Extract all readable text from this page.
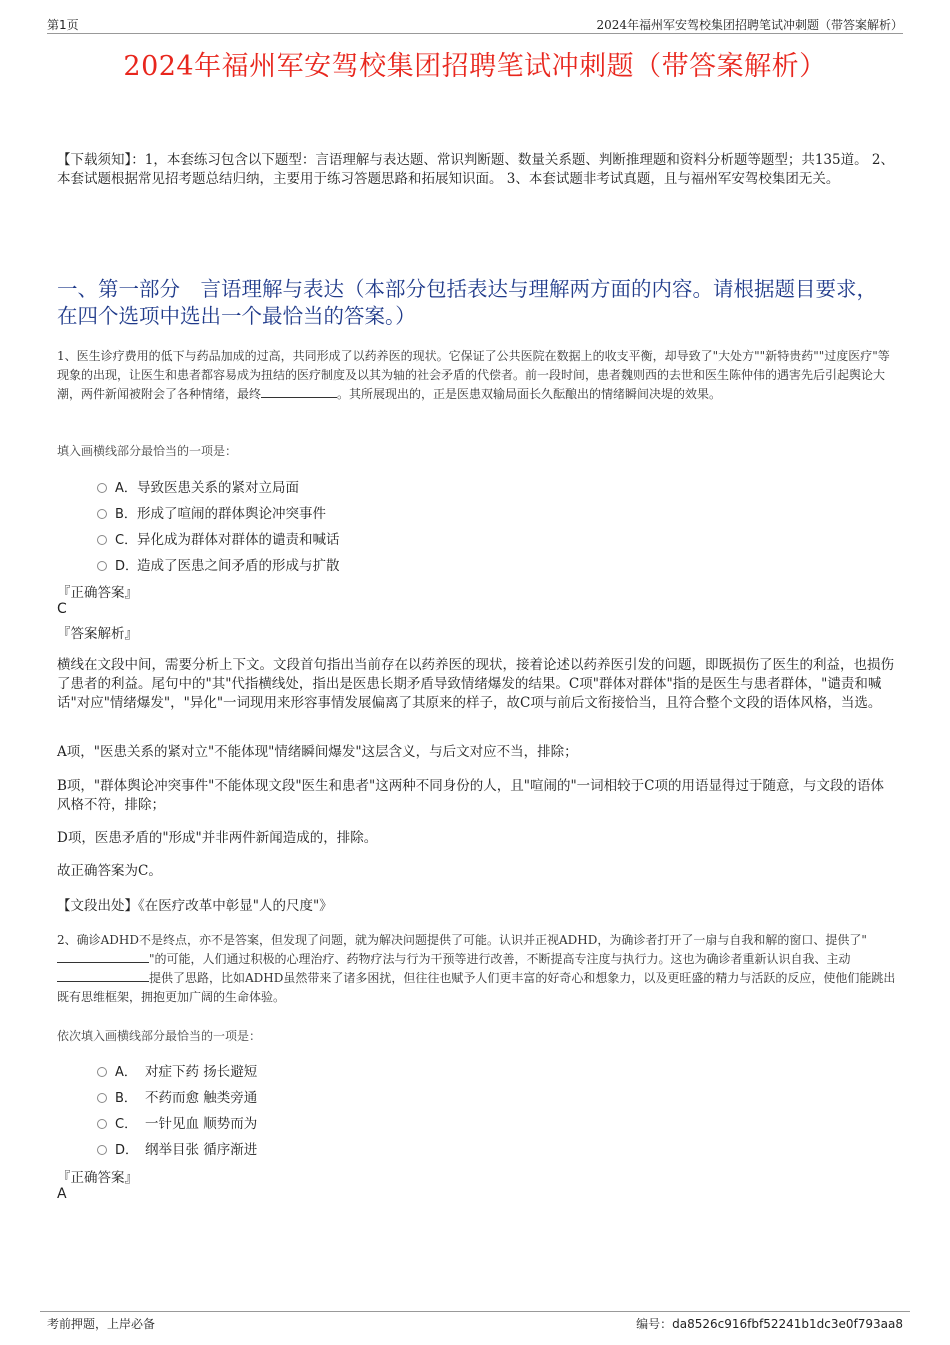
第1页	2024年福州军安驾校集团招聘笔试冲刺题（带答案解析）
2024年福州军安驾校集团招聘笔试冲刺题（带答案解析）
【下载须知】：1，本套练习包含以下题型：言语理解与表达题、常识判断题、数量关系题、判断推理题和资料分析题等题型；共135道。 2、本套试题根据常见招考题总结归纳，主要用于练习答题思路和拓展知识面。 3、本套试题非考试真题，且与福州军安驾校集团无关。
一、第一部分　言语理解与表达（本部分包括表达与理解两方面的内容。请根据题目要求，在四个选项中选出一个最恰当的答案。）
1、医生诊疗费用的低下与药品加成的过高，共同形成了以药养医的现状。它保证了公共医院在数据上的收支平衡，却导致了"大处方""新特贵药""过度医疗"等现象的出现，让医生和患者都容易成为扭结的医疗制度及以其为轴的社会矛盾的代偿者。前一段时间，患者魏则西的去世和医生陈仲伟的遇害先后引起舆论大潮，两件新闻被附会了各种情绪，最终	。其所展现出的，正是医患双输局面长久酝酿出的情绪瞬间决堤的效果。
填入画横线部分最恰当的一项是：
A． 导致医患关系的紧对立局面
B． 形成了喧闹的群体舆论冲突事件
C． 异化成为群体对群体的谴责和喊话
D．
造成了医患之间矛盾的形成与扩散
『正确答案』
C
『答案解析』
横线在文段中间，需要分析上下文。文段首句指出当前存在以药养医的现状，接着论述以药养医引发的问题，即既损伤了医生的利益，也损伤了患者的利益。尾句中的"其"代指横线处，指出是医患长期矛盾导致情绪爆发的结果。C项"群体对群体"指的是医生与患者群体，"谴责和喊话"对应"情绪爆发"，"异化"一词现用来形容事情发展偏离了其原来的样子，故C项与前后文衔接恰当，且符合整个文段的语体风格，当选。
A项，"医患关系的紧对立"不能体现"情绪瞬间爆发"这层含义，与后文对应不当，排除；
B项，"群体舆论冲突事件"不能体现文段"医生和患者"这两种不同身份的人，且"喧闹的"一词相较于C项的用语显得过于随意，与文段的语体风格不符，排除；
D项，医患矛盾的"形成"并非两件新闻造成的，排除。
故正确答案为C。
【文段出处】《在医疗改革中彰显"人的尺度"》
2、确诊ADHD不是终点，亦不是答案，但发现了问题，就为解决问题提供了可能。认识并正视ADHD，为确诊者打开了一扇与自我和解的窗口、提供了""的可能，人们通过积极的心理治疗、药物疗法与行为干预等进行改善，不断提高专注度与执行力。这也为确诊者重新认识自我、主动提供了思路，比如ADHD虽然带来了诸多困扰，但往往也赋予人们更丰富的好奇心和想象力，以及更旺盛的精力与活跃的反应，使他们能跳出既有思维框架，拥抱更加广阔的生命体验。
依次填入画横线部分最恰当的一项是：
A． 对症下药 扬长避短
B． 不药而愈 触类旁通
C． 一针见血 顺势而为
D． 纲举目张 循序渐进
『正确答案』
A
考前押题，上岸必备	编号：da8526c916fbf52241b1dc3e0f793aa8
